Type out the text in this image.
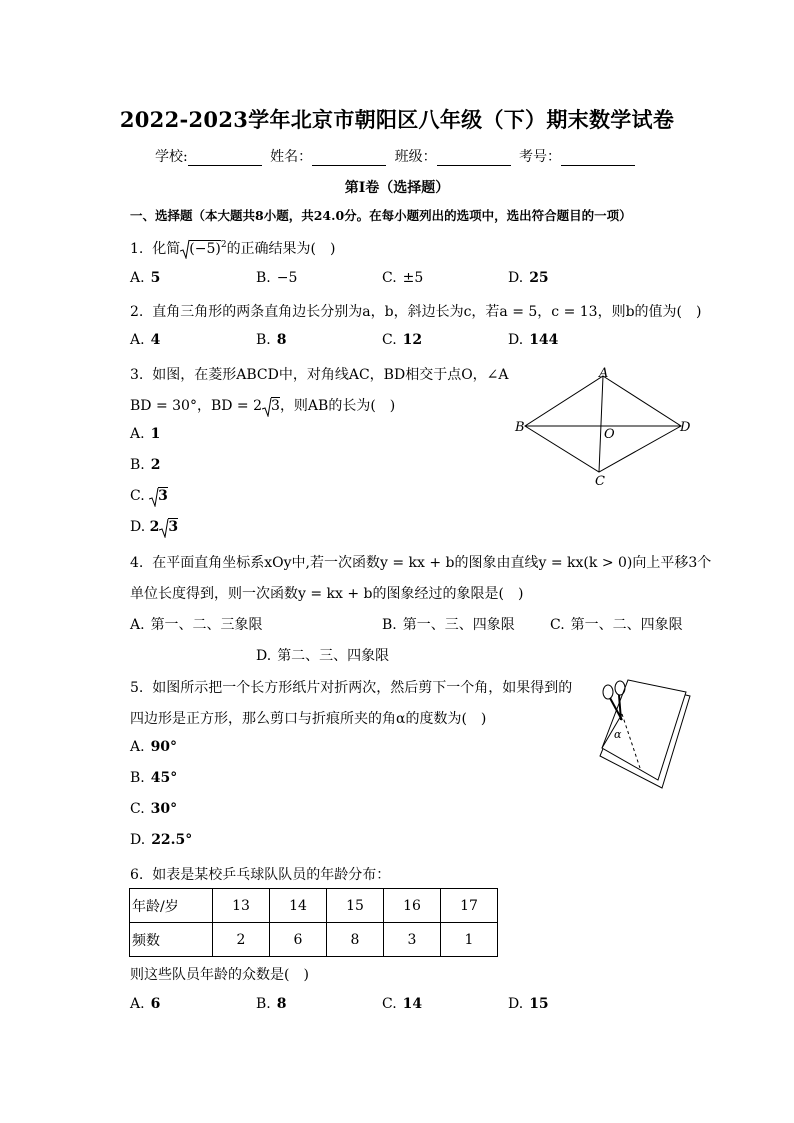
2022-2023学年北京市朝阳区八年级（下）期末数学试卷
学校:	姓名：	班级：	考号：
第Ⅰ卷（选择题）
一、选择题（本大题共8小题，共24.0分。在每小题列出的选项中，选出符合题目的一项）
1. 化简 $(-5)^2$的正确结果为(　)
A. 5	B. −5	C. ±5	D. 25
2. 直角三角形的两条直角边长分别为a，b，斜边长为c，若a = 5，c = 13，则b的值为(　)
A. 4	B. 8	C. 12	D. 144
3. 如图，在菱形ABCD中，对角线AC，BD相交于点O，∠A
BD = 30°，BD = 2 3，则AB的长为(　)
A. 1
B. 2
C. 3
D. 2 3
A
B
C
D
O
4. 在平面直角坐标系xOy中,若一次函数y = kx + b的图象由直线y = kx(k > 0)向上平移3个
单位长度得到，则一次函数y = kx + b的图象经过的象限是(　)
A. 第一、二、三象限	B. 第一、三、四象限	C. 第一、二、四象限
D. 第二、三、四象限
5. 如图所示把一个长方形纸片对折两次，然后剪下一个角，如果得到的
四边形是正方形，那么剪口与折痕所夹的角α的度数为(　)
A. 90°
B. 45°
C. 30°
D. 22.5°
α
6. 如表是某校乒乓球队队员的年龄分布：
年龄/岁	13	14	15	16	17
频数	2	6	8	3	1
则这些队员年龄的众数是(　)
A. 6	B. 8	C. 14	D. 15
